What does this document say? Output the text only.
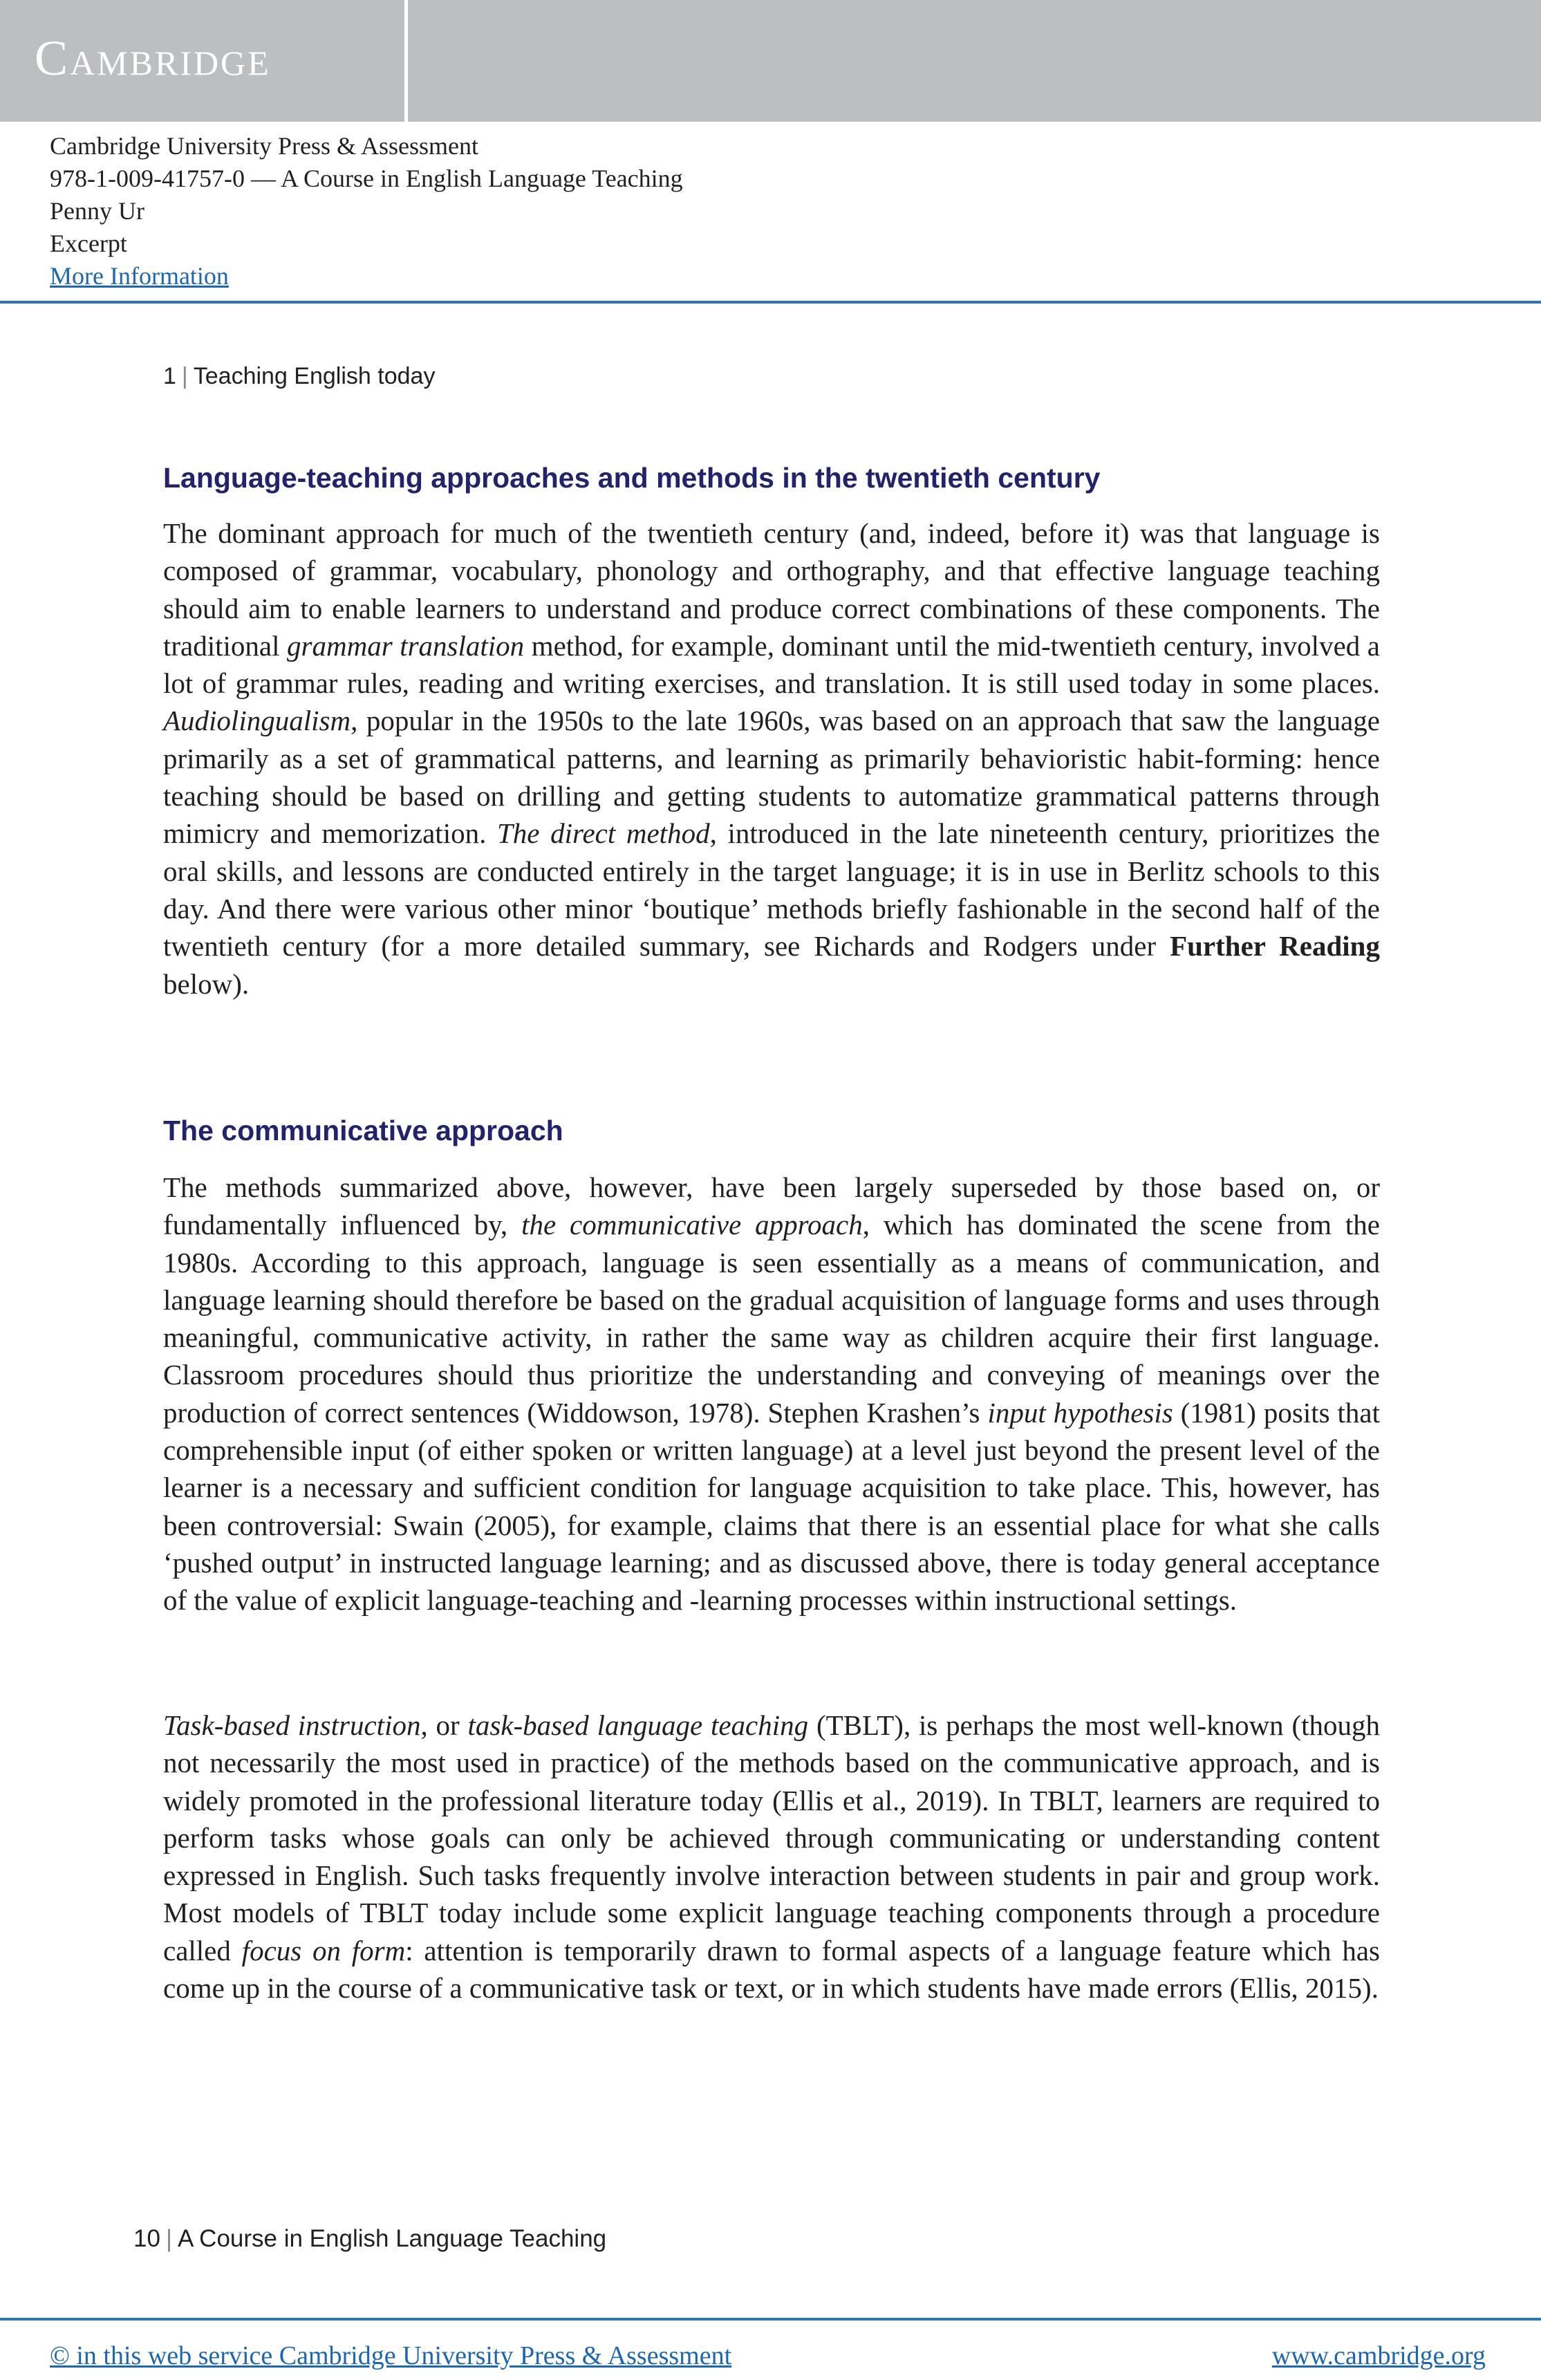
Cambridge
Cambridge University Press & Assessment
978-1-009-41757-0 — A Course in English Language Teaching
Penny Ur
Excerpt
More Information
1 | Teaching English today
Language-teaching approaches and methods in the twentieth century

The dominant approach for much of the twentieth century (and, indeed, before it) was that language is composed of grammar, vocabulary, phonology and orthography, and that effective language teaching should aim to enable learners to understand and produce correct combinations of these components. The traditional grammar translation method, for example, dominant until the mid-twentieth century, involved a lot of grammar rules, reading and writing exercises, and translation. It is still used today in some places. Audiolingualism, popular in the 1950s to the late 1960s, was based on an approach that saw the language primarily as a set of grammatical patterns, and learning as primarily behavioristic habit-forming: hence teaching should be based on drilling and getting students to automatize grammatical patterns through mimicry and memorization. The direct method, introduced in the late nineteenth century, prioritizes the oral skills, and lessons are conducted entirely in the target language; it is in use in Berlitz schools to this day. And there were various other minor ‘boutique’ methods briefly fashionable in the second half of the twentieth century (for a more detailed summary, see Richards and Rodgers under Further Reading below).

The communicative approach

The methods summarized above, however, have been largely superseded by those based on, or fundamentally influenced by, the communicative approach, which has dominated the scene from the 1980s. According to this approach, language is seen essentially as a means of communication, and language learning should therefore be based on the gradual acquisition of language forms and uses through meaningful, communicative activity, in rather the same way as children acquire their first language. Classroom procedures should thus prioritize the understanding and conveying of meanings over the production of correct sentences (Widdowson, 1978). Stephen Krashen’s input hypothesis (1981) posits that comprehensible input (of either spoken or written language) at a level just beyond the present level of the learner is a necessary and sufficient condition for language acquisition to take place. This, however, has been controversial: Swain (2005), for example, claims that there is an essential place for what she calls ‘pushed output’ in instructed language learning; and as discussed above, there is today general acceptance of the value of explicit language-teaching and -learning processes within instructional settings.

Task-based instruction, or task-based language teaching (TBLT), is perhaps the most well-known (though not necessarily the most used in practice) of the methods based on the communicative approach, and is widely promoted in the professional literature today (Ellis et al., 2019). In TBLT, learners are required to perform tasks whose goals can only be achieved through communicating or understanding content expressed in English. Such tasks frequently involve interaction between students in pair and group work. Most models of TBLT today include some explicit language teaching components through a procedure called focus on form: attention is temporarily drawn to formal aspects of a language feature which has come up in the course of a communicative task or text, or in which students have made errors (Ellis, 2015).

10 | A Course in English Language Teaching
© in this web service Cambridge University Press & Assessment	www.cambridge.org
